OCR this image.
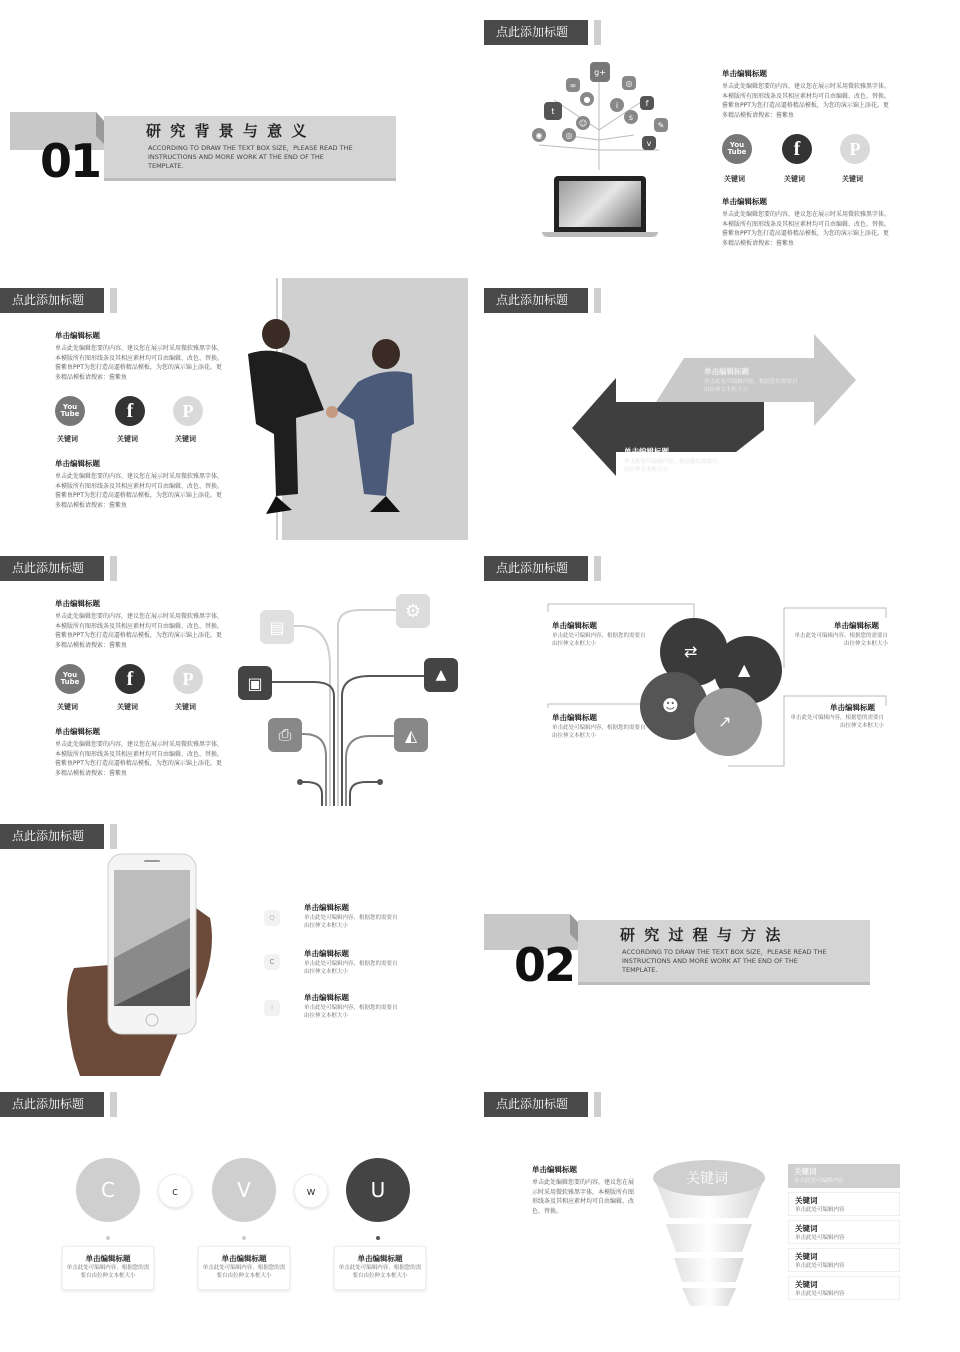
01
研 究 背 景 与 意 义
ACCORDING TO DRAW THE TEXT BOX SIZE，PLEASE READ THE INSTRUCTIONS AND MORE WORK AT THE END OF THE TEMPLATE.
点此添加标题
g+
∞	◎
t
●
i	f
☺
s
✎
◉	◎
v
单击编辑标题
单击此处编辑您要的内容，建议您在展示时采用微软雅黑字体，本模版所有图形线条及其相应素材均可自由编辑、改色、替换。酱紫鱼PPT为您打造高逼格精品模板，为您的演示锦上添花。更多精品模板请搜索：酱紫鱼
You Tube	f	P
关键词	关键词	关键词
单击编辑标题
单击此处编辑您要的内容，建议您在展示时采用微软雅黑字体，本模版所有图形线条及其相应素材均可自由编辑、改色、替换。酱紫鱼PPT为您打造高逼格精品模板，为您的演示锦上添花。更多精品模板请搜索：酱紫鱼
点此添加标题
单击编辑标题
单击此处编辑您要的内容，建议您在展示时采用微软雅黑字体，本模版所有图形线条及其相应素材均可自由编辑、改色、替换。酱紫鱼PPT为您打造高逼格精品模板，为您的演示锦上添花。更多精品模板请搜索：酱紫鱼
You Tube	f	P
关键词	关键词	关键词
单击编辑标题
单击此处编辑您要的内容，建议您在展示时采用微软雅黑字体，本模版所有图形线条及其相应素材均可自由编辑、改色、替换。酱紫鱼PPT为您打造高逼格精品模板，为您的演示锦上添花。更多精品模板请搜索：酱紫鱼
点此添加标题
单击编辑标题
单击此处可编辑内容，根据您的需要自由拉伸文本框大小
单击编辑标题
单击此处可编辑内容，根据您的需要自由拉伸文本框大小
点此添加标题
单击编辑标题
单击此处编辑您要的内容，建议您在展示时采用微软雅黑字体，本模版所有图形线条及其相应素材均可自由编辑、改色、替换。酱紫鱼PPT为您打造高逼格精品模板，为您的演示锦上添花。更多精品模板请搜索：酱紫鱼
You Tube	f	P
关键词	关键词	关键词
单击编辑标题
单击此处编辑您要的内容，建议您在展示时采用微软雅黑字体，本模版所有图形线条及其相应素材均可自由编辑、改色、替换。酱紫鱼PPT为您打造高逼格精品模板，为您的演示锦上添花。更多精品模板请搜索：酱紫鱼
▤
⚙
▣	▲
⎙	◭
点此添加标题
⇄
▲
☻
↗
单击编辑标题
单击此处可编辑内容，根据您的需要自由拉伸文本框大小
单击编辑标题
单击此处可编辑内容，根据您的需要自由拉伸文本框大小
单击编辑标题
单击此处可编辑内容，根据您的需要自由拉伸文本框大小
单击编辑标题
单击此处可编辑内容，根据您的需要自由拉伸文本框大小
点此添加标题
Q
单击编辑标题
单击此处可编辑内容，根据您的需要自由拉伸文本框大小
C
单击编辑标题
单击此处可编辑内容，根据您的需要自由拉伸文本框大小
!
单击编辑标题
单击此处可编辑内容，根据您的需要自由拉伸文本框大小
02
研 究 过 程 与 方 法
ACCORDING TO DRAW THE TEXT BOX SIZE，PLEASE READ THE INSTRUCTIONS AND MORE WORK AT THE END OF THE TEMPLATE.
点此添加标题
C	c	V	w	U
单击编辑标题
单击此处可编辑内容，根据您的需要自由拉伸文本框大小
单击编辑标题
单击此处可编辑内容，根据您的需要自由拉伸文本框大小
单击编辑标题
单击此处可编辑内容，根据您的需要自由拉伸文本框大小
点此添加标题
单击编辑标题
单击此处编辑您要的内容，建议您在展示时采用微软雅黑字体，本模版所有图形线条及其相应素材均可自由编辑、改色、替换。
关键词	关键词
单击此处可编辑内容
关键词
单击此处可编辑内容
关键词
单击此处可编辑内容
关键词
单击此处可编辑内容
关键词
单击此处可编辑内容
